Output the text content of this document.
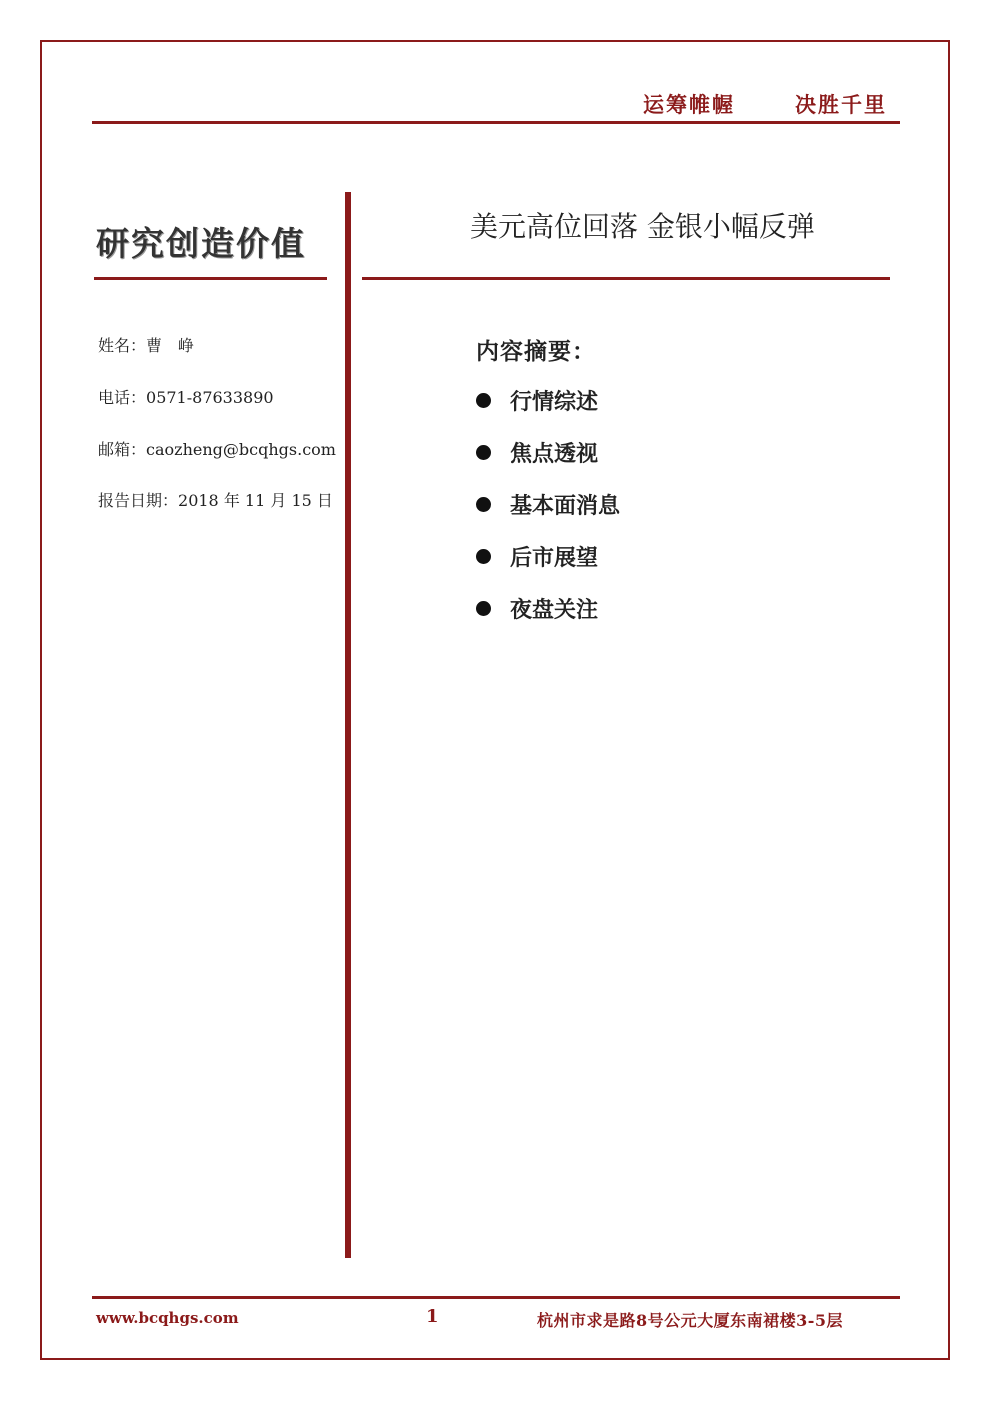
运筹帷幄	决胜千里
研究创造价值
姓名：曹　峥
电话：0571-87633890
邮箱：caozheng@bcqhgs.com
报告日期：2018 年 11 月 15 日
美元高位回落 金银小幅反弹
内容摘要：
行情综述
焦点透视
基本面消息
后市展望
夜盘关注
www.bcqhgs.com	1	杭州市求是路8号公元大厦东南裙楼3-5层
